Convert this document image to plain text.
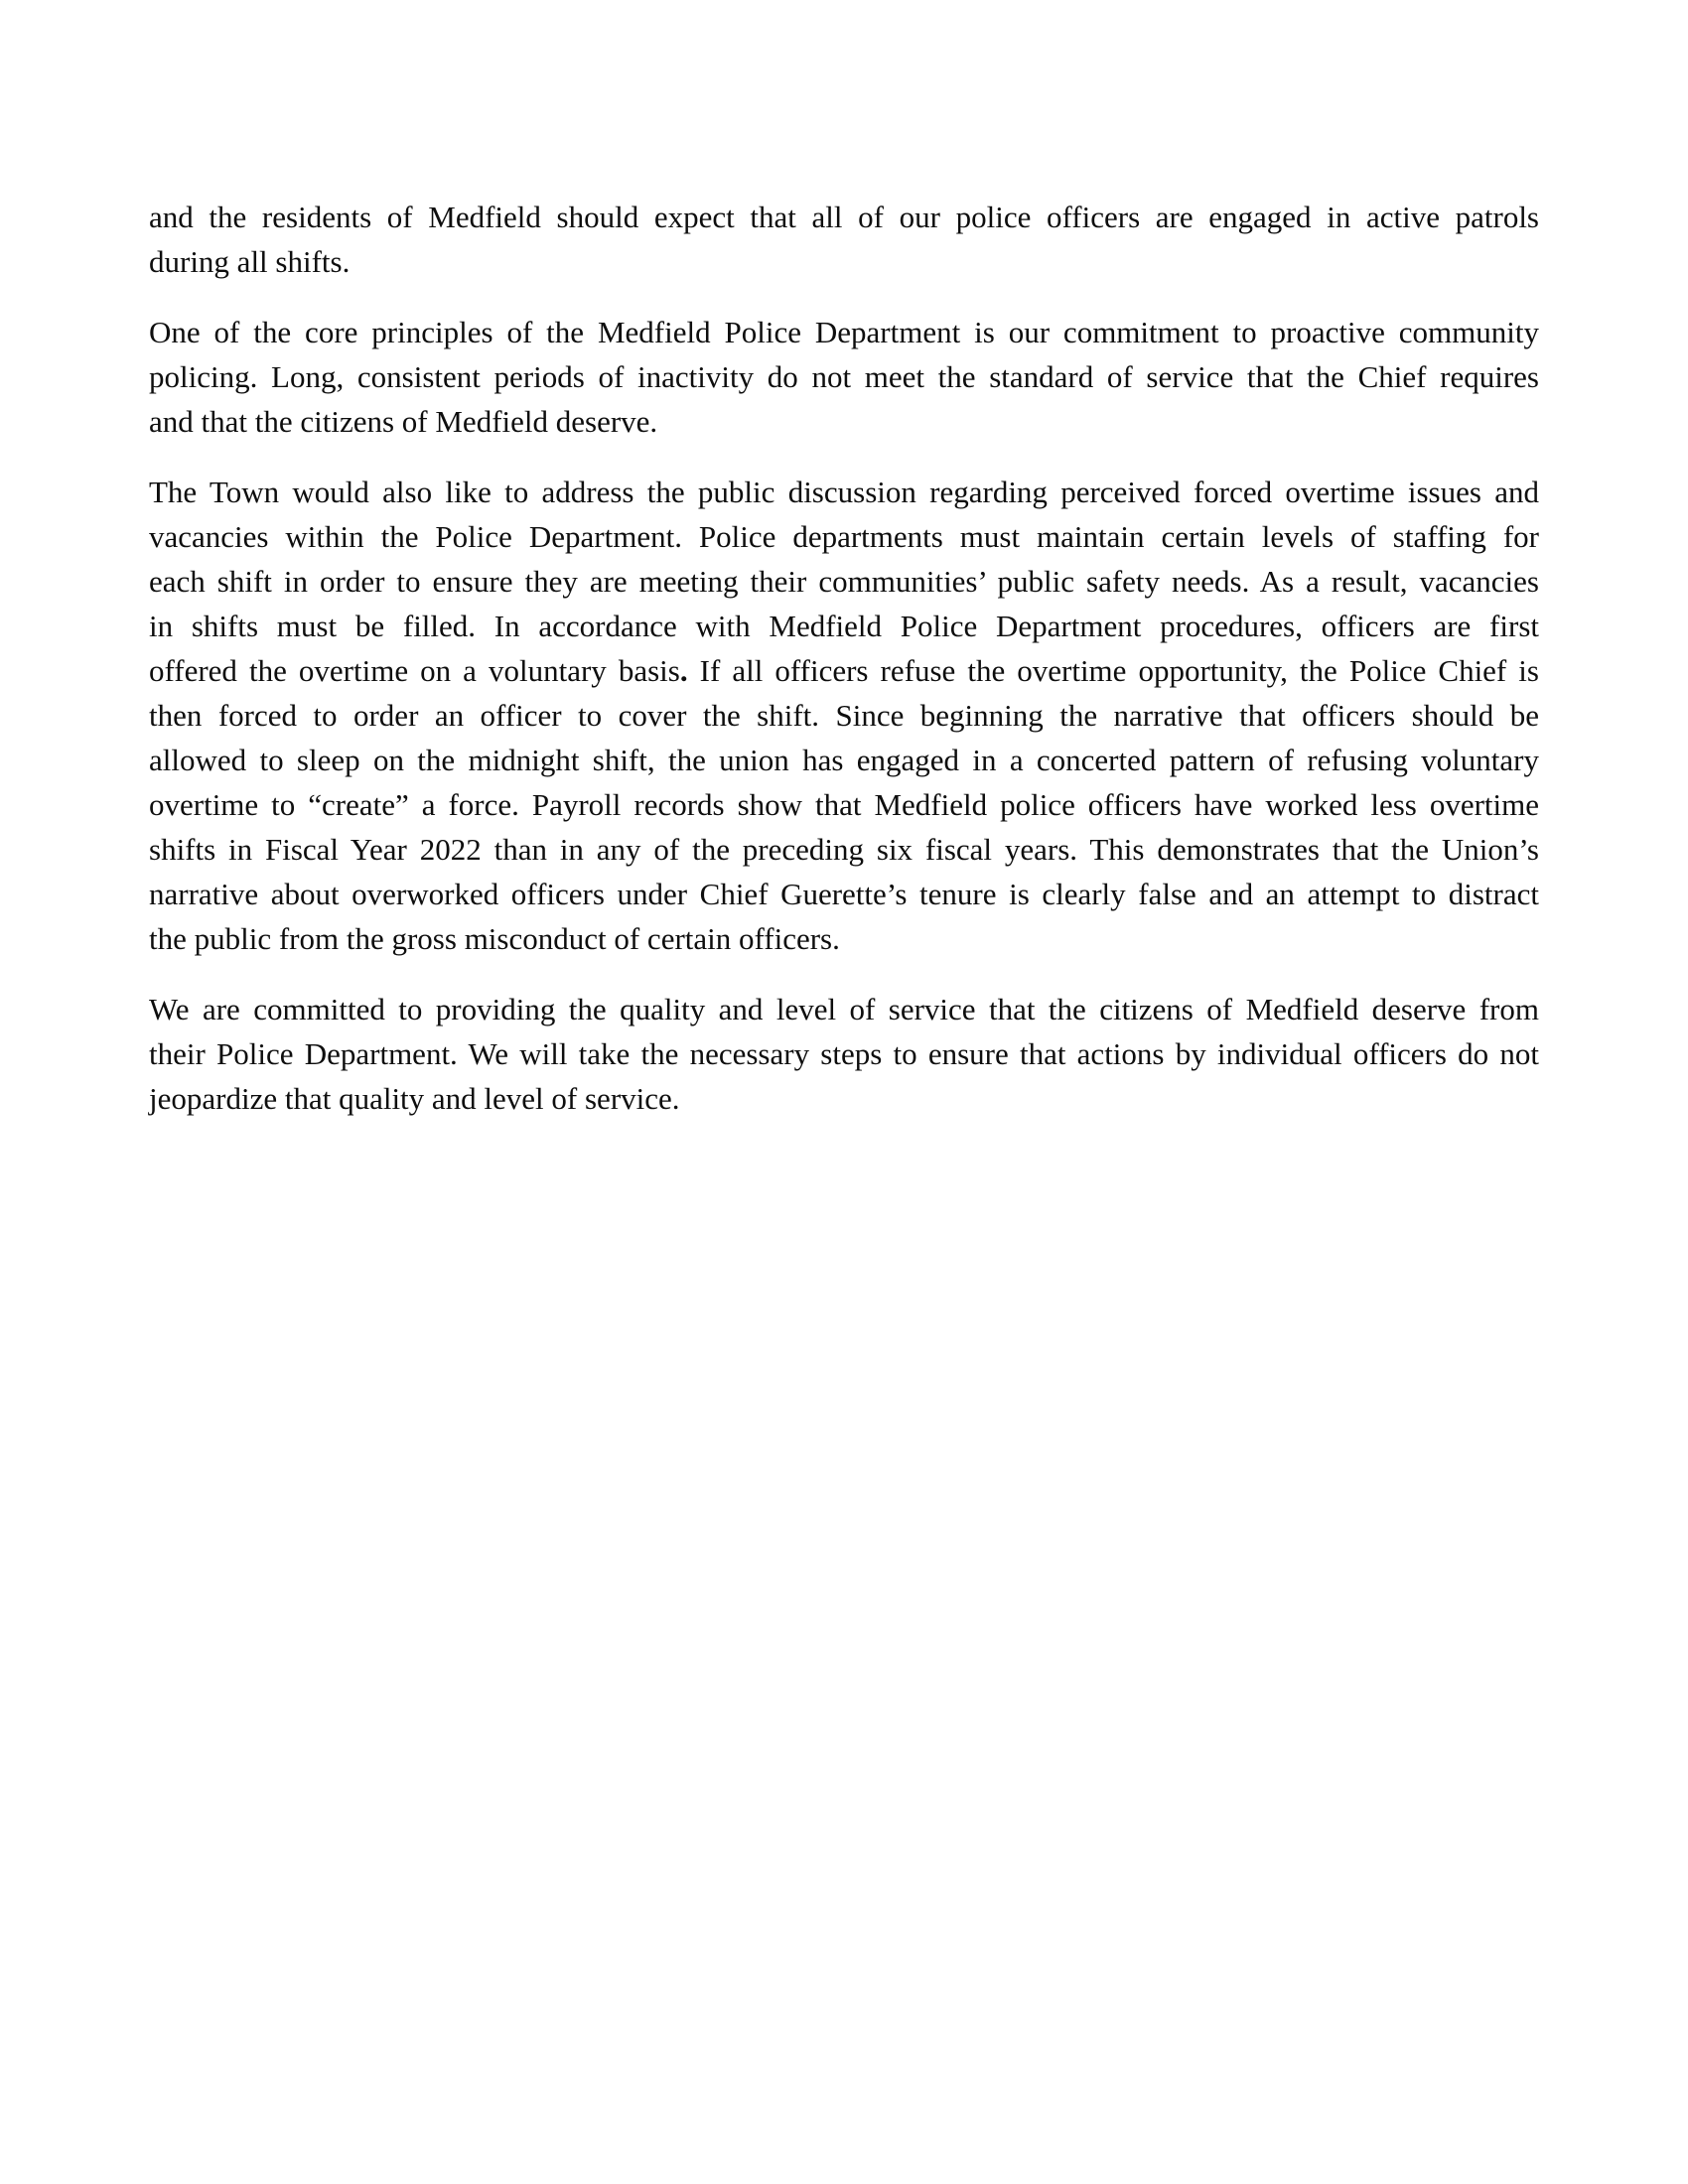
and the residents of Medfield should expect that all of our police officers are engaged in active patrols
during all shifts.
One of the core principles of the Medfield Police Department is our commitment to proactive community
policing. Long, consistent periods of inactivity do not meet the standard of service that the Chief requires
and that the citizens of Medfield deserve.
The Town would also like to address the public discussion regarding perceived forced overtime issues and
vacancies within the Police Department. Police departments must maintain certain levels of staffing for
each shift in order to ensure they are meeting their communities’ public safety needs. As a result, vacancies
in shifts must be filled. In accordance with Medfield Police Department procedures, officers are first
offered the overtime on a voluntary basis. If all officers refuse the overtime opportunity, the Police Chief is
then forced to order an officer to cover the shift. Since beginning the narrative that officers should be
allowed to sleep on the midnight shift, the union has engaged in a concerted pattern of refusing voluntary
overtime to “create” a force. Payroll records show that Medfield police officers have worked less overtime
shifts in Fiscal Year 2022 than in any of the preceding six fiscal years. This demonstrates that the Union’s
narrative about overworked officers under Chief Guerette’s tenure is clearly false and an attempt to distract
the public from the gross misconduct of certain officers.
We are committed to providing the quality and level of service that the citizens of Medfield deserve from
their Police Department. We will take the necessary steps to ensure that actions by individual officers do not
jeopardize that quality and level of service.
